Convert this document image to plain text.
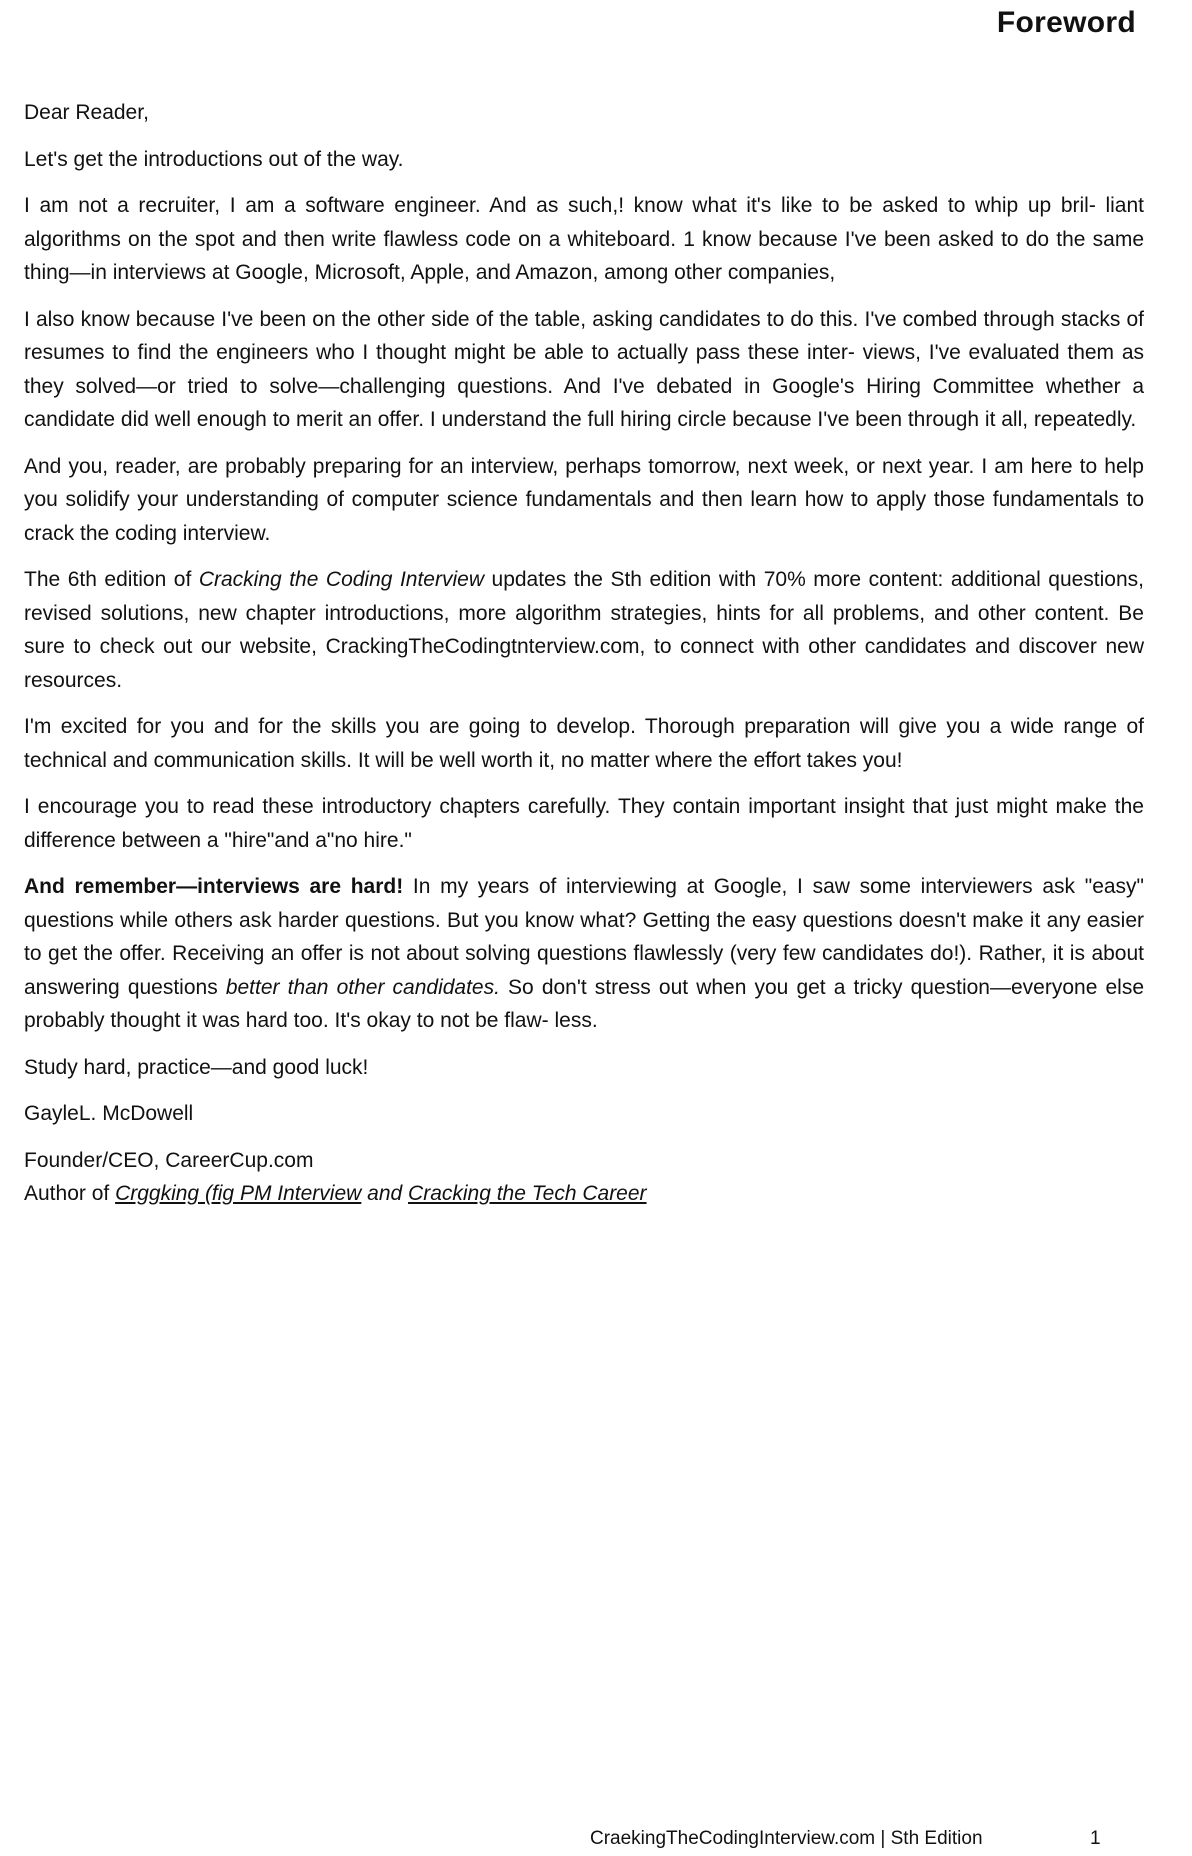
Foreword

Dear Reader,

Let's get the introductions out of the way.

I am not a recruiter, I am a software engineer. And as such,! know what it's like to be asked to whip up bril- liant algorithms on the spot and then write flawless code on a whiteboard. 1 know because I've been asked to do the same thing—in interviews at Google, Microsoft, Apple, and Amazon, among other companies,

I also know because I've been on the other side of the table, asking candidates to do this. I've combed through stacks of resumes to find the engineers who I thought might be able to actually pass these inter- views, I've evaluated them as they solved—or tried to solve—challenging questions. And I've debated in Google's Hiring Committee whether a candidate did well enough to merit an offer. I understand the full hiring circle because I've been through it all, repeatedly.

And you, reader, are probably preparing for an interview, perhaps tomorrow, next week, or next year. I am here to help you solidify your understanding of computer science fundamentals and then learn how to apply those fundamentals to crack the coding interview.

The 6th edition of Cracking the Coding Interview updates the Sth edition with 70% more content: additional questions, revised solutions, new chapter introductions, more algorithm strategies, hints for all problems, and other content. Be sure to check out our website, CrackingTheCodingtnterview.com, to connect with other candidates and discover new resources.

I'm excited for you and for the skills you are going to develop. Thorough preparation will give you a wide range of technical and communication skills. It will be well worth it, no matter where the effort takes you!

I encourage you to read these introductory chapters carefully. They contain important insight that just might make the difference between a "hire"and a"no hire."

And remember—interviews are hard! In my years of interviewing at Google, I saw some interviewers ask "easy" questions while others ask harder questions. But you know what? Getting the easy questions doesn't make it any easier to get the offer. Receiving an offer is not about solving questions flawlessly (very few candidates do!). Rather, it is about answering questions better than other candidates. So don't stress out when you get a tricky question—everyone else probably thought it was hard too. It's okay to not be flaw- less.

Study hard, practice—and good luck!

GayleL. McDowell

Founder/CEO, CareerCup.com

Author of Crggking (fig PM Interview and Cracking the Tech Career

CraekingTheCodingInterview.com | Sth Edition	1
